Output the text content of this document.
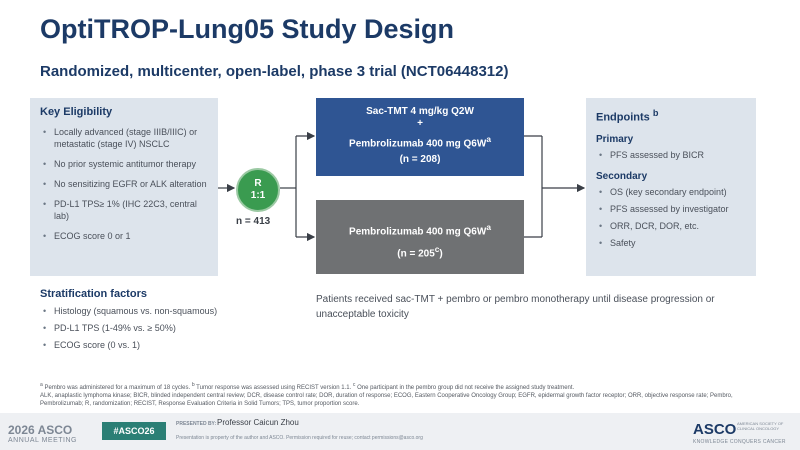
OptiTROP-Lung05 Study Design
Randomized, multicenter, open-label, phase 3 trial (NCT06448312)
Key Eligibility
• Locally advanced (stage IIIB/IIIC) or metastatic (stage IV) NSCLC
• No prior systemic antitumor therapy
• No sensitizing EGFR or ALK alteration
• PD-L1 TPS≥ 1% (IHC 22C3, central lab)
• ECOG score 0 or 1
Stratification factors
• Histology (squamous vs. non-squamous)
• PD-L1 TPS (1-49% vs. ≥ 50%)
• ECOG score (0 vs. 1)
R
1:1
n = 413
Sac-TMT 4 mg/kg Q2W
+
Pembrolizumab 400 mg $Q6W^a$
(n = 208)
Pembrolizumab 400 mg $Q6W^a$
$(n = 205^c)$
Endpoints $^b$
Primary
• PFS assessed by BICR
Secondary
• OS (key secondary endpoint)
• PFS assessed by investigator
• ORR, DCR, DOR, etc.
• Safety
Patients received sac-TMT + pembro or pembro monotherapy until disease progression or unacceptable toxicity
$^a$ Pembro was administered for a maximum of 18 cycles. $^b$ Tumor response was assessed using RECIST version 1.1. $^c$ One participant in the pembro group did not receive the assigned study treatment.
ALK, anaplastic lymphoma kinase; BICR, blinded independent central review; DCR, disease control rate; DOR, duration of response; ECOG, Eastern Cooperative Oncology Group; EGFR, epidermal growth factor receptor; ORR, objective response rate; Pembro, Pembrolizumab; R, randomization; RECIST, Response Evaluation Criteria in Solid Tumors; TPS, tumor proportion score.
2026 ASCO
ANNUAL MEETING
#ASCO26
PRESENTED BY: Professor Caicun Zhou
Presentation is property of the author and ASCO. Permission required for reuse; contact permissions@asco.org	ASCO AMERICAN SOCIETY OF CLINICAL ONCOLOGY
KNOWLEDGE CONQUERS CANCER
